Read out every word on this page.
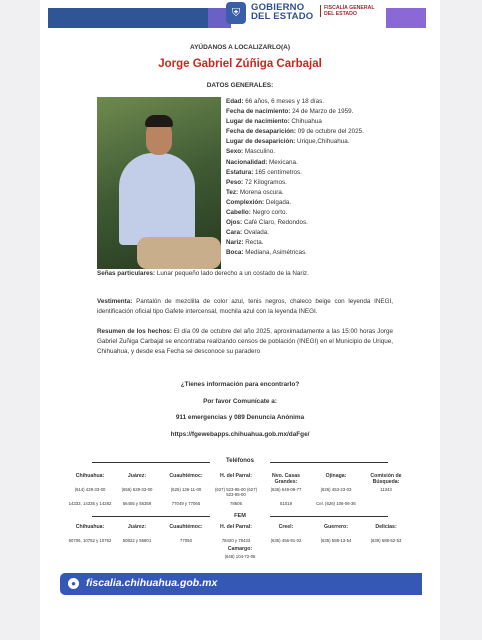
⛨	GOBIERNO
DEL ESTADO
FISCALÍA GENERAL
DEL ESTADO
AYÚDANOS A LOCALIZARLO(A)
Jorge Gabriel Zúñiga Carbajal
DATOS GENERALES:
Edad: 66 años, 6 meses y 18 días.
Fecha de nacimiento: 24 de Marzo de 1959.
Lugar de nacimiento: Chihuahua
Fecha de desaparición: 09 de octubre del 2025.
Lugar de desaparición: Urique,Chihuahua.
Sexo: Masculino.
Nacionalidad: Mexicana.
Estatura: 165 centímetros.
Peso: 72 Kilogramos.
Tez: Morena oscura.
Complexión: Delgada.
Cabello: Negro corto.
Ojos: Café Claro, Redondos.
Cara: Ovalada.
Nariz: Recta.
Boca: Mediana, Asimétricas.
Señas particulares: Lunar pequeño lado derecho a un costado de la Nariz.
Vestimenta: Pantalón de mezclilla de color azul, tenis negros, chaleco beige con leyenda INEGI, identificación oficial tipo Gafete intercensal, mochila azul con la leyenda INEGI.
Resumen de los hechos: El día 09 de octubre del año 2025, aproximadamente a las 15:00 horas Jorge Gabriel Zuñiga Carbajal se encontraba realizando censos de población (INEGI) en el Municipio de Urique, Chihuahua, y desde esa Fecha se desconoce su paradero
¿Tienes información para encontrarlo?
Por favor Comunícate a:
911 emergencias y 089 Denuncia Anónima
https://fgewebapps.chihuahua.gob.mx/daFge/
Teléfonos
Chihuahua:
(614) 429-33-00
14333, 14335 y 14282
Juárez:
(656) 629-33-00
56455 y 56359
Cuauhtémoc:
(625) 126-11-00
77049 y 77065
H. del Parral:
(627) 523-95-00 (627) 523-95-00
78606
Nvo. Casas Grandes:
(636) 649-09-77
51019
Ojinaga:
(626) 453-23-03
Cel. (626) 106-06-36
Comisión de Búsqueda:
11343
FEM
Chihuahua:
50706, 10752 y 10762
Juárez:
50822 y 56801
Cuauhtémoc:
77050
H. del Parral:
78420 y 78433
Creel:
(635) 456-91-02
Guerrero:
(635) 588-13-54
Delicias:
(639) 688-52-53
Camargo:
(648) 104-72-05
● fiscalia.chihuahua.gob.mx
